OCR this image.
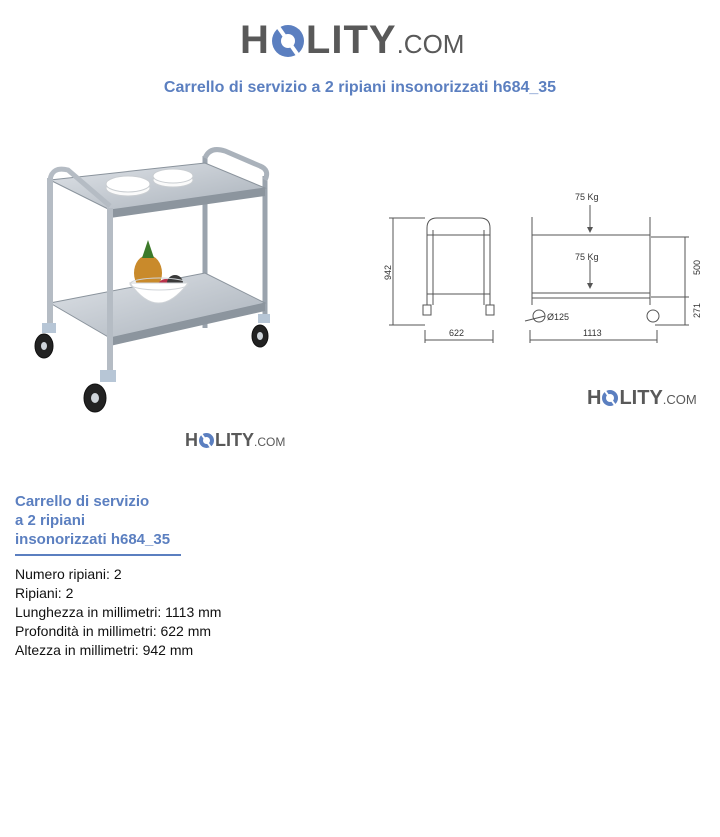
H LITY .COM
Carrello di servizio a 2 ripiani insonorizzati h684_35
75 Kg
75 Kg
942	500
271
Ø125
622	1113
H LITY .COM
H LITY .COM
Carrello di servizio
a 2 ripiani
insonorizzati h684_35
Numero ripiani: 2
Ripiani: 2
Lunghezza in millimetri: 1113 mm
Profondità in millimetri: 622 mm
Altezza in millimetri: 942 mm
